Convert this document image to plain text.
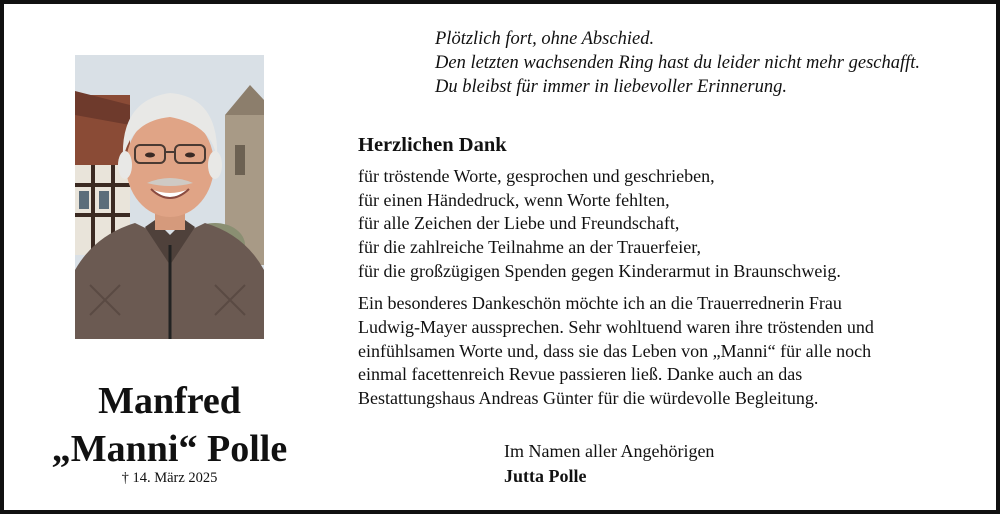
Manfred
„Manni“ Polle
† 14. März 2025
Plötzlich fort, ohne Abschied.
Den letzten wachsenden Ring hast du leider nicht mehr geschafft.
Du bleibst für immer in liebevoller Erinnerung.
Herzlichen Dank
für tröstende Worte, gesprochen und geschrieben,
für einen Händedruck, wenn Worte fehlten,
für alle Zeichen der Liebe und Freundschaft,
für die zahlreiche Teilnahme an der Trauerfeier,
für die großzügigen Spenden gegen Kinderarmut in Braunschweig.
Ein besonderes Dankeschön möchte ich an die Trauerrednerin Frau
Ludwig-Mayer aussprechen. Sehr wohltuend waren ihre tröstenden und
einfühlsamen Worte und, dass sie das Leben von „Manni“ für alle noch
einmal facettenreich Revue passieren ließ. Danke auch an das
Bestattungshaus Andreas Günter für die würdevolle Begleitung.
Im Namen aller Angehörigen
Jutta Polle
